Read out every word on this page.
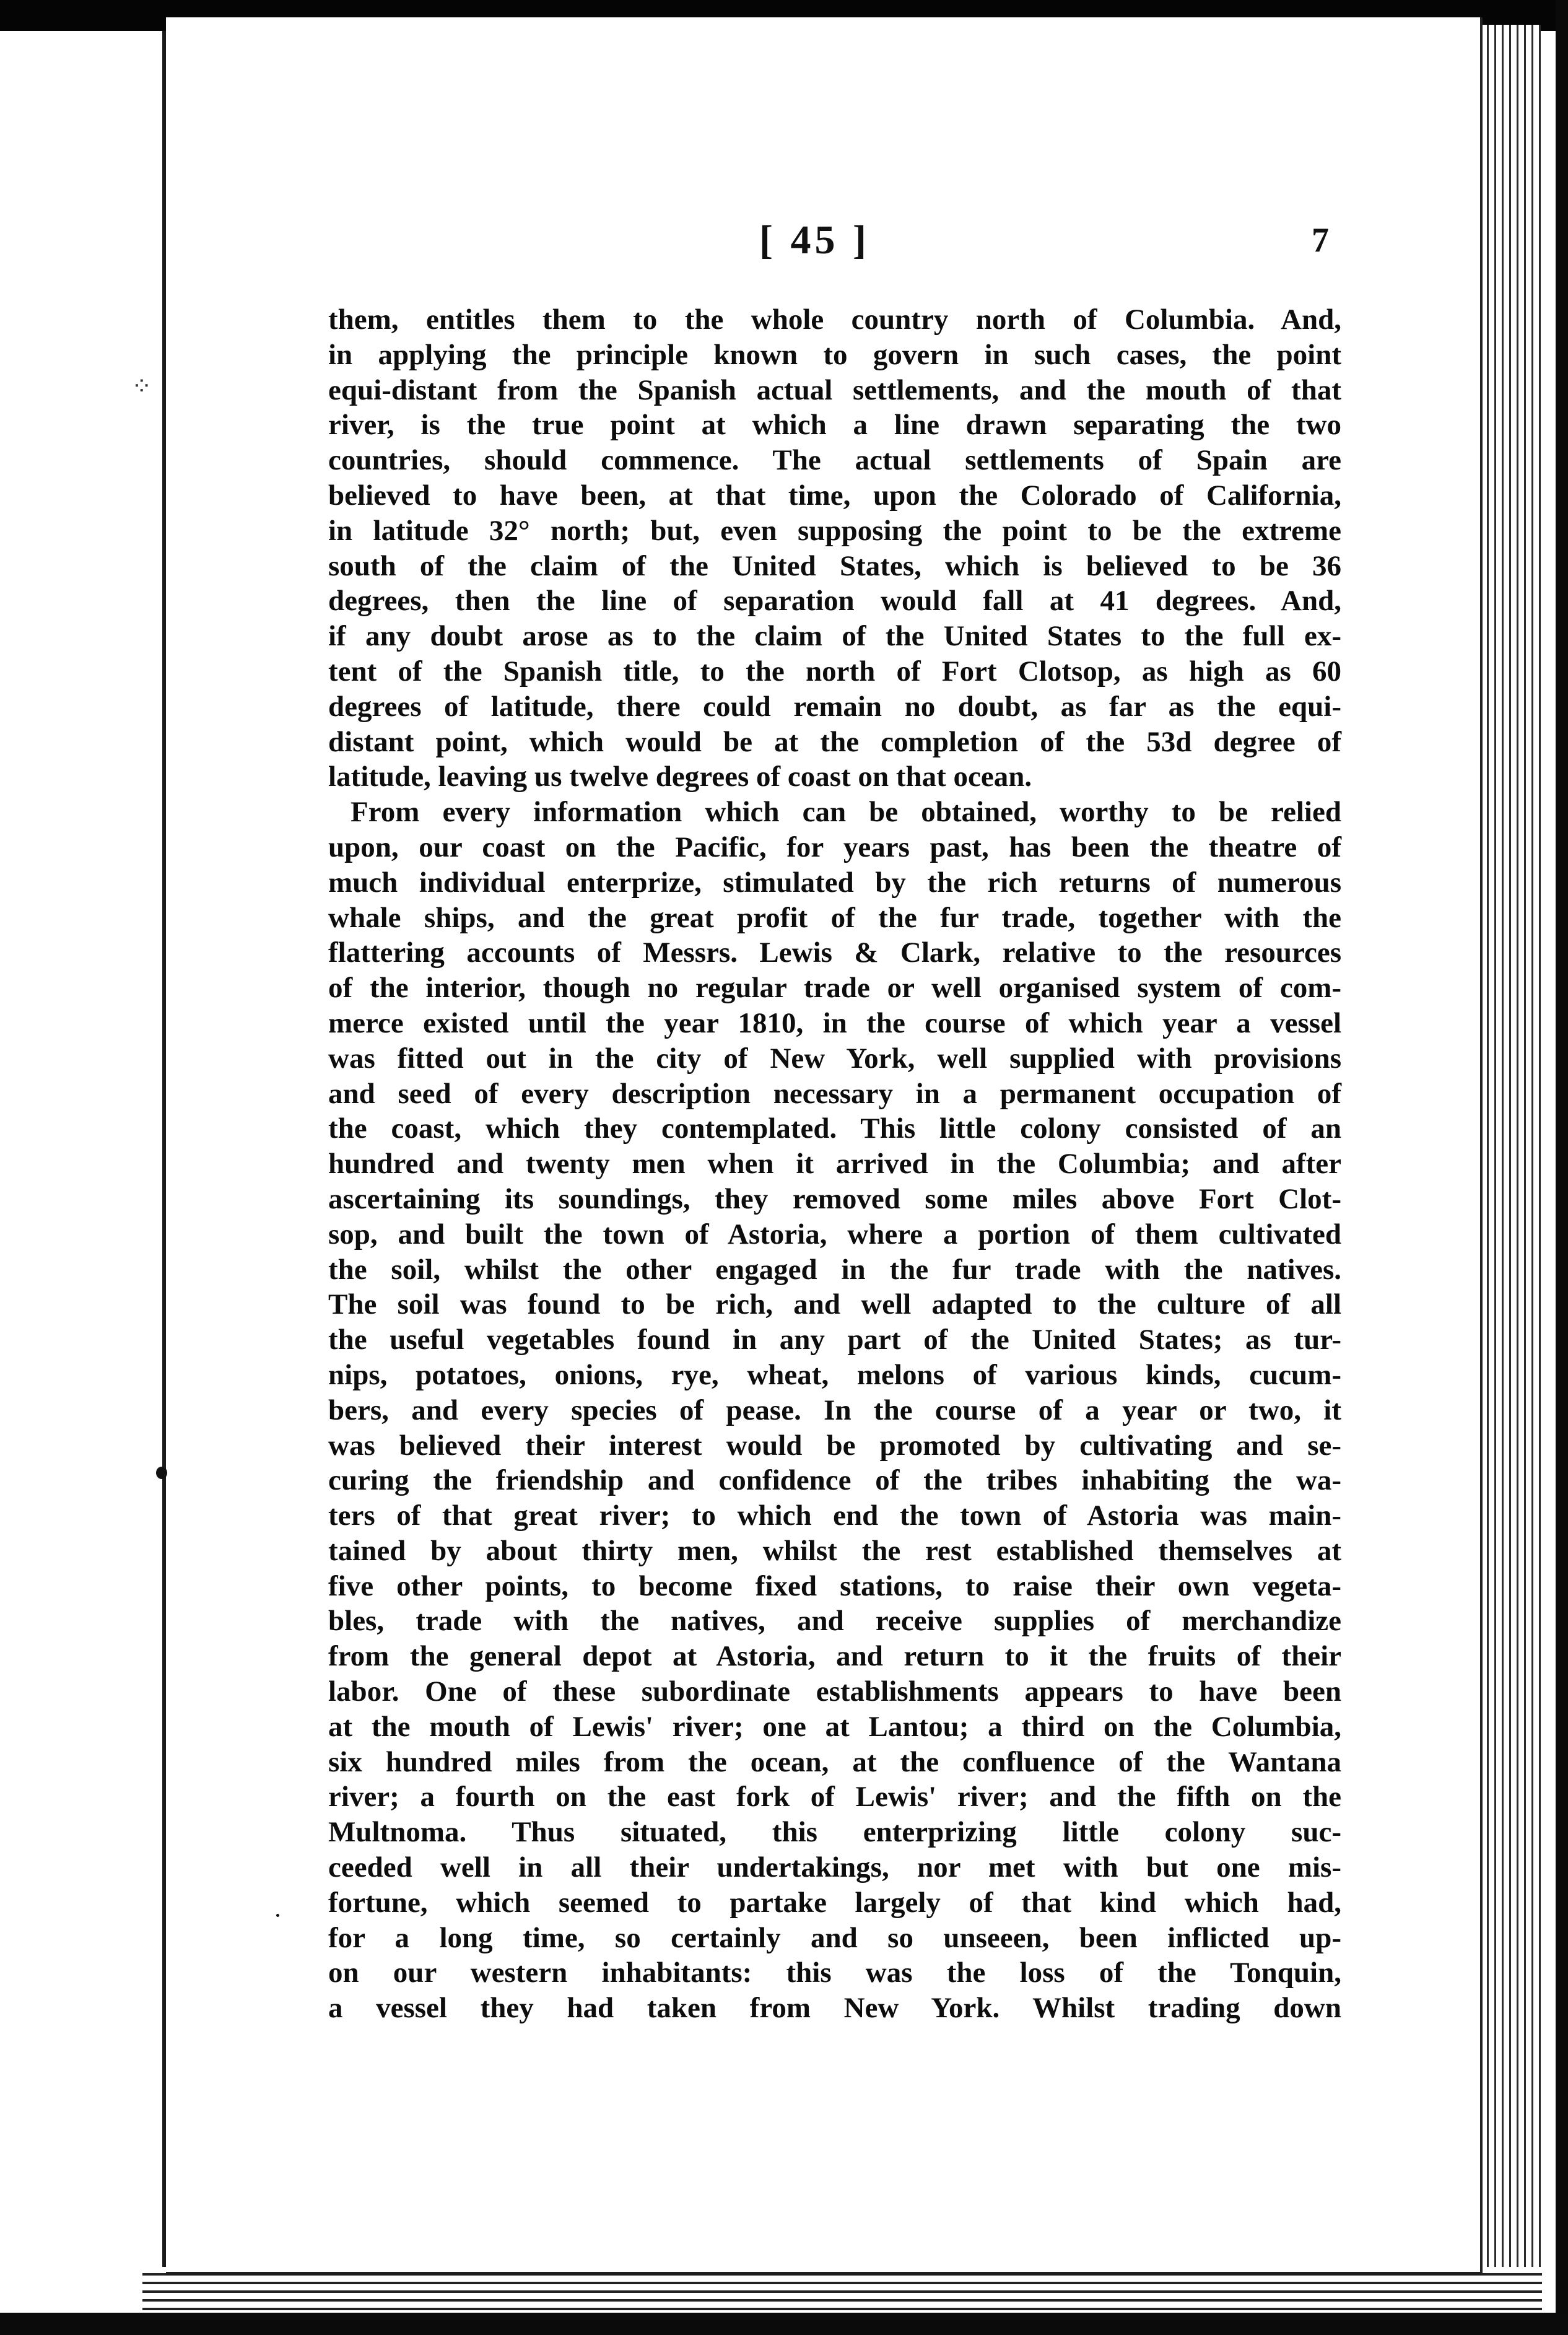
⁘
[ 45 ]	7
them, entitles them to the whole country north of Columbia. And,
in applying the principle known to govern in such cases, the point
equi-distant from the Spanish actual settlements, and the mouth of that
river, is the true point at which a line drawn separating the two
countries, should commence. The actual settlements of Spain are
believed to have been, at that time, upon the Colorado of California,
in latitude 32° north; but, even supposing the point to be the extreme
south of the claim of the United States, which is believed to be 36
degrees, then the line of separation would fall at 41 degrees. And,
if any doubt arose as to the claim of the United States to the full ex-
tent of the Spanish title, to the north of Fort Clotsop, as high as 60
degrees of latitude, there could remain no doubt, as far as the equi-
distant point, which would be at the completion of the 53d degree of
latitude, leaving us twelve degrees of coast on that ocean.
From every information which can be obtained, worthy to be relied
upon, our coast on the Pacific, for years past, has been the theatre of
much individual enterprize, stimulated by the rich returns of numerous
whale ships, and the great profit of the fur trade, together with the
flattering accounts of Messrs. Lewis & Clark, relative to the resources
of the interior, though no regular trade or well organised system of com-
merce existed until the year 1810, in the course of which year a vessel
was fitted out in the city of New York, well supplied with provisions
and seed of every description necessary in a permanent occupation of
the coast, which they contemplated. This little colony consisted of an
hundred and twenty men when it arrived in the Columbia; and after
ascertaining its soundings, they removed some miles above Fort Clot-
sop, and built the town of Astoria, where a portion of them cultivated
the soil, whilst the other engaged in the fur trade with the natives.
The soil was found to be rich, and well adapted to the culture of all
the useful vegetables found in any part of the United States; as tur-
nips, potatoes, onions, rye, wheat, melons of various kinds, cucum-
bers, and every species of pease. In the course of a year or two, it
was believed their interest would be promoted by cultivating and se-
curing the friendship and confidence of the tribes inhabiting the wa-
ters of that great river; to which end the town of Astoria was main-
tained by about thirty men, whilst the rest established themselves at
five other points, to become fixed stations, to raise their own vegeta-
bles, trade with the natives, and receive supplies of merchandize
from the general depot at Astoria, and return to it the fruits of their
labor. One of these subordinate establishments appears to have been
at the mouth of Lewis' river; one at Lantou; a third on the Columbia,
six hundred miles from the ocean, at the confluence of the Wantana
river; a fourth on the east fork of Lewis' river; and the fifth on the
Multnoma. Thus situated, this enterprizing little colony suc-
ceeded well in all their undertakings, nor met with but one mis-
fortune, which seemed to partake largely of that kind which had,
for a long time, so certainly and so unseeen, been inflicted up-
on our western inhabitants: this was the loss of the Tonquin,
a vessel they had taken from New York. Whilst trading down
